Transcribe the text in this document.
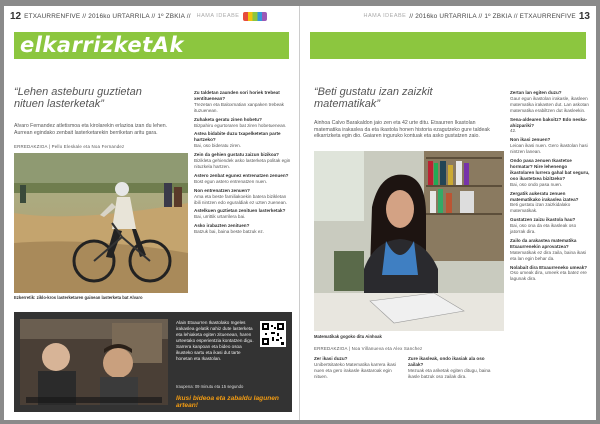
12 ETXAURRENFIVE // 2016ko URTARRILA // 1º ZBKIA // HAMA IDEABE
elkarrizketAk
“Lehen asteburu guztietan nituen lasterketak”
Alvaro Fernandez atletismoa eta kirolarekin erlazioa izan du lehen. Aurrean egindako zenbait lasterketarekin berriketan aritu gara.
ERREDAKZIOA | Pello Eleskale eta Noa Fernandez
Ezkerretik: ziklo-kros lasterketaren gainean lasterketa bat Alvaro
Zu taldetan zaunden sori horiek trebeat xentituenean?
Trezetan eta Baloxmatian xanpaken trebeak ituzuenean.
Zuhaketa geratu zinen hobetu?
Bizpahiru egurtoraren bat ziren hobetuenean.
Astea bidabite duzu txapelketetan parte hartzeko?
Bai, oso bideratu ziren.
Zein da gehien gustatu zaizun bizikoa?
Bizikleta gehiendek asko lasterketa politak egin nituzkela hartzen.
Astero zenbat egunez entrenatzen zenuen?
Bost egun astero entrenatzen nuen.
Non entrenatzen zenuen?
Ama eta beste familiakoekin batera bizikletan ibili nintzen edo eguraldiak ez uzten zuenean.
Astelkuen guztietan zenituen lasterketak?
Bai, urrittik urtarrilera bai.
Asko irabazten zenituen?
Batzuk bai, baina beste batzuk ez.
Alain Etxaurren Ikastolako Ingeles irakaslea gelatik nahiz dute lasterketa eta lehiaketa egiten zituenean, haren urteetako esperientzia kontatzen digu. Sarrera kanpoan eta bideo osoa ikusteko sartu eta ikasi dut tarte honetan eta Ikastolan.
Iraupena: 09 minutu eta 15 segundo
Ikusi bideoa eta zabaldu lagunen artean!
HAMA IDEABE // 2016ko URTARRILA // 1º ZBKIA // ETXAURRENFIVE 13
“Beti gustatu izan zaizkit matematikak”
Ainhoa Calvo Barakaldon jaio zen eta 42 urte ditu. Etxaurren Ikastolan matematika irakaslea da eta ikastola honen historia ezagutzeko gure taldeak elkarrizketa egin dio. Gaiaren inguruko kontuak eta asko gustatzen zaio.
Matematikak gogoko ditu Ainhoak
ERREDAKZIOA | Noa Villanueva eta Alex Sanchez
Zer ikasi duzu?
Unibertsitateko Matematika karrera ikasi nuen eta gero irakasle ikastaroak egin nituen.
Zure ikasleak, ondo ikasiak ala oso zailak?
Mezuak eta ariketak egiten ditugu, baina ikasle batzuk oso zailak dira.
Zertan lan egiten duzu?
Gaur egun ikastolan irakasle, ikasleen matematika irakasten dut. Lan askotan matematika erabiltzen dut ikasleekin.
Sena-aldearen bakoitz? Edo neska-ahizpariki?
42.
Non ikasi zenuen?
Leioan ikasi nuen. Gero ikastolan hasi nintzen lanean.
Ondo pasa zenuen Ikastetxe hormatar? Nire lehenengo ikastolaren lurrera gahal bat seguru, oso ikastetxea bizitzeko?
Bai, oso ondo pasa nuen.
Zergatik aukeratu zenuen matematikako irakaslea izatea?
Beti gustatu izan zaizkidalako matematikak.
Gustatzen zaizu ikastola hau?
Bai, oso ona da eta ikasleak oso jatorrak dira.
Zailo da arakastea matematika Etxaurrenekin aprovatzea?
Matematikak ez dira zaila, baina ikasi eta lan egin behar da.
Nolabait dira Etxaurreneko umeak?
Oso umeak dira, umeek eta batez ere lagunak dira.
